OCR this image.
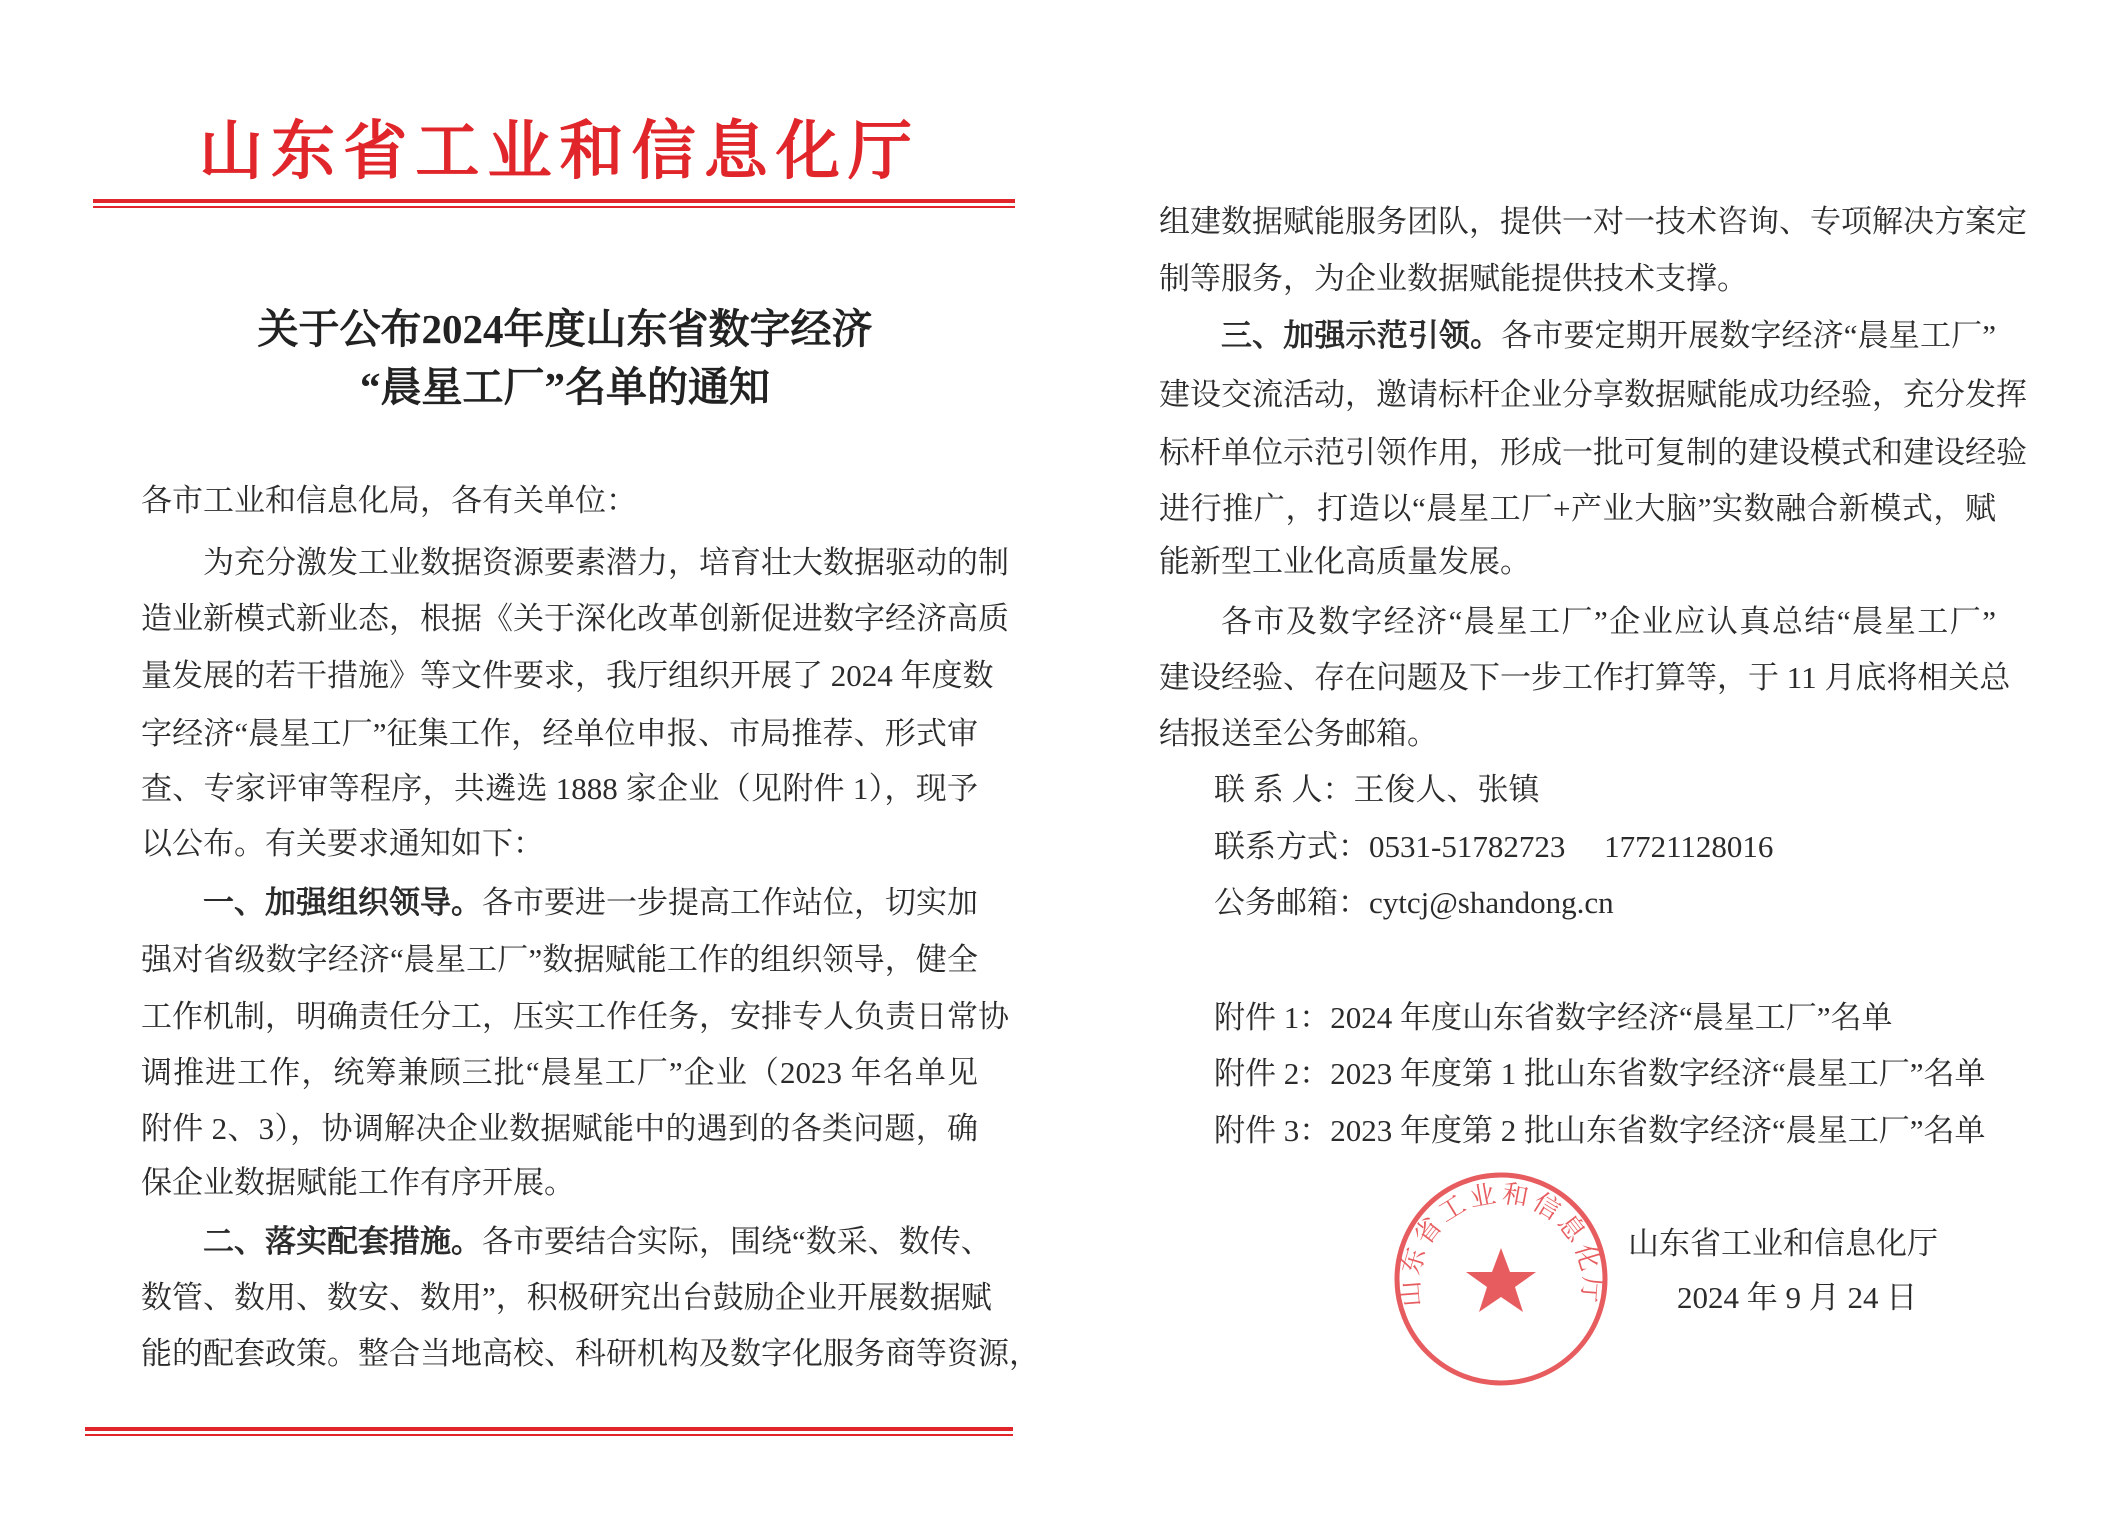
山东省工业和信息化厅
关于公布2024年度山东省数字经济
“晨星工厂”名单的通知
各市工业和信息化局，各有关单位：
为充分激发工业数据资源要素潜力，培育壮大数据驱动的制
造业新模式新业态，根据《关于深化改革创新促进数字经济高质
量发展的若干措施》等文件要求，我厅组织开展了 2024 年度数
字经济“晨星工厂”征集工作，经单位申报、市局推荐、形式审
查、专家评审等程序，共遴选 1888 家企业（见附件 1），现予
以公布。有关要求通知如下：
一、加强组织领导。各市要进一步提高工作站位，切实加
强对省级数字经济“晨星工厂”数据赋能工作的组织领导，健全
工作机制，明确责任分工，压实工作任务，安排专人负责日常协
调推进工作，统筹兼顾三批“晨星工厂”企业（2023 年名单见
附件 2、3），协调解决企业数据赋能中的遇到的各类问题，确
保企业数据赋能工作有序开展。
二、落实配套措施。各市要结合实际，围绕“数采、数传、
数管、数用、数安、数用”，积极研究出台鼓励企业开展数据赋
能的配套政策。整合当地高校、科研机构及数字化服务商等资源，
组建数据赋能服务团队，提供一对一技术咨询、专项解决方案定
制等服务，为企业数据赋能提供技术支撑。
三、加强示范引领。各市要定期开展数字经济“晨星工厂”
建设交流活动，邀请标杆企业分享数据赋能成功经验，充分发挥
标杆单位示范引领作用，形成一批可复制的建设模式和建设经验
进行推广，打造以“晨星工厂+产业大脑”实数融合新模式，赋
能新型工业化高质量发展。
各市及数字经济“晨星工厂”企业应认真总结“晨星工厂”
建设经验、存在问题及下一步工作打算等，于 11 月底将相关总
结报送至公务邮箱。
联 系 人：王俊人、张镇
联系方式：0531-51782723　 17721128016
公务邮箱：cytcj@shandong.cn
附件 1：2024 年度山东省数字经济“晨星工厂”名单
附件 2：2023 年度第 1 批山东省数字经济“晨星工厂”名单
附件 3：2023 年度第 2 批山东省数字经济“晨星工厂”名单
山东省工业和信息化厅
山东省工业和信息化厅
2024 年 9 月 24 日
